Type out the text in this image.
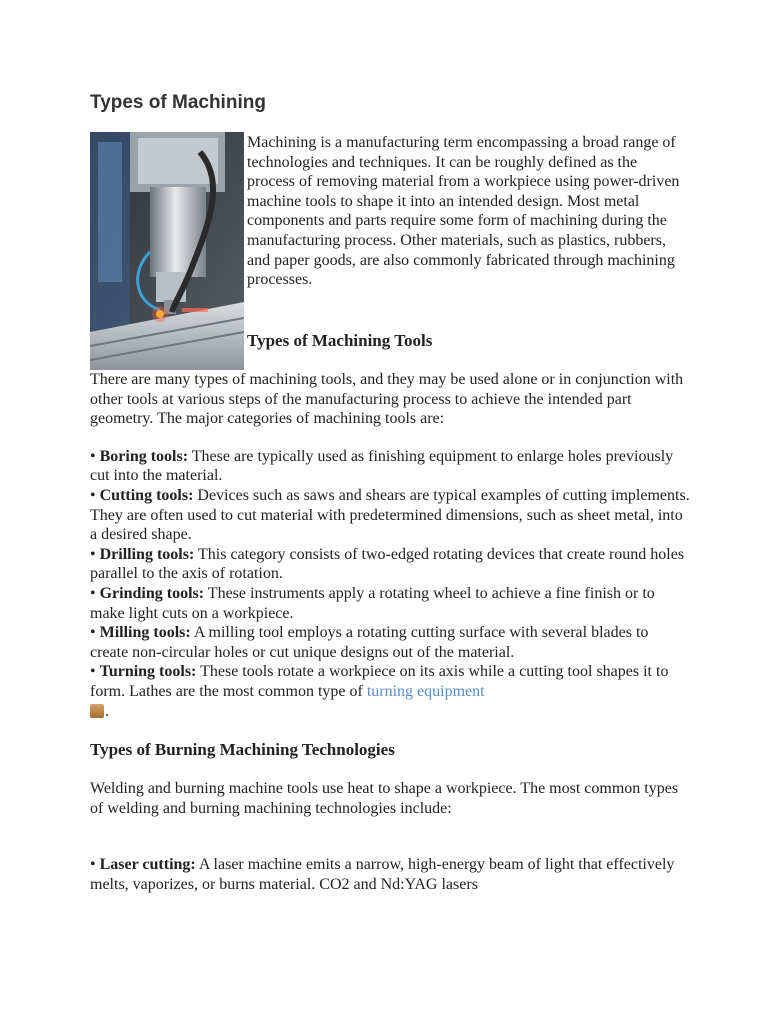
Types of Machining

Machining is a manufacturing term encompassing a broad range of technologies and techniques. It can be roughly defined as the process of removing material from a workpiece using power-driven machine tools to shape it into an intended design. Most metal components and parts require some form of machining during the manufacturing process. Other materials, such as plastics, rubbers, and paper goods, are also commonly fabricated through machining processes.

Types of Machining Tools

There are many types of machining tools, and they may be used alone or in conjunction with other tools at various steps of the manufacturing process to achieve the intended part geometry. The major categories of machining tools are:

• Boring tools: These are typically used as finishing equipment to enlarge holes previously cut into the material.

• Cutting tools: Devices such as saws and shears are typical examples of cutting implements. They are often used to cut material with predetermined dimensions, such as sheet metal, into a desired shape.

• Drilling tools: This category consists of two-edged rotating devices that create round holes parallel to the axis of rotation.

• Grinding tools: These instruments apply a rotating wheel to achieve a fine finish or to make light cuts on a workpiece.

• Milling tools: A milling tool employs a rotating cutting surface with several blades to create non-circular holes or cut unique designs out of the material.

• Turning tools: These tools rotate a workpiece on its axis while a cutting tool shapes it to form. Lathes are the most common type of turning equipment
.

Types of Burning Machining Technologies

Welding and burning machine tools use heat to shape a workpiece. The most common types of welding and burning machining technologies include:

• Laser cutting: A laser machine emits a narrow, high-energy beam of light that effectively melts, vaporizes, or burns material. CO2 and Nd:YAG lasers
